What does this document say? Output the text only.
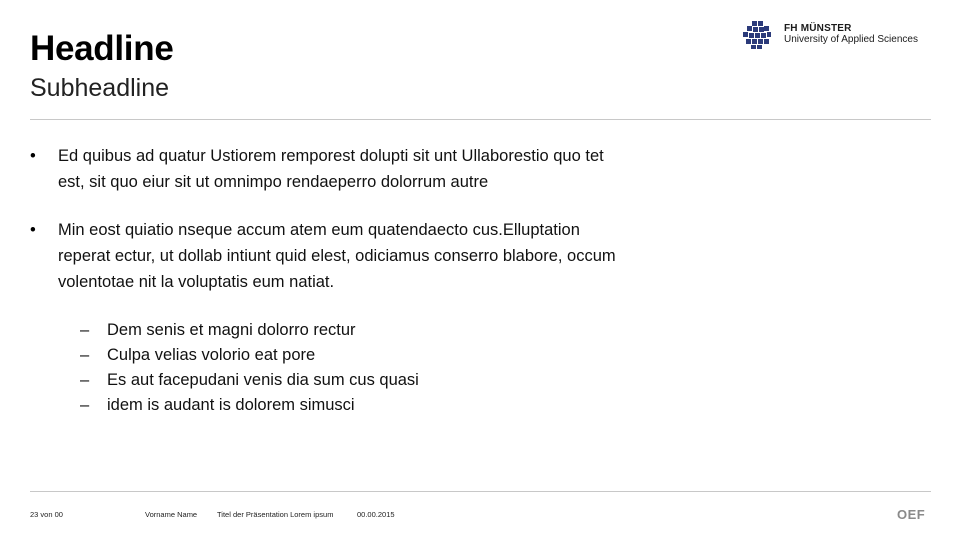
Headline
Subheadline
FH MÜNSTER
University of Applied Sciences
• Ed quibus ad quatur Ustiorem remporest dolupti sit unt Ullaborestio quo tet
est, sit quo eiur sit ut omnimpo rendaeperro dolorrum autre
• Min eost quiatio nseque accum atem eum quatendaecto cus.Elluptation
reperat ectur, ut dollab intiunt quid elest, odiciamus conserro blabore, occum
volentotae nit la voluptatis eum natiat.
– Dem senis et magni dolorro rectur
– Culpa velias volorio eat pore
– Es aut facepudani venis dia sum cus quasi
– idem is audant is dolorem simusci
23 von 00	Vorname Name	Titel der Präsentation Lorem ipsum	00.00.2015	OEF
